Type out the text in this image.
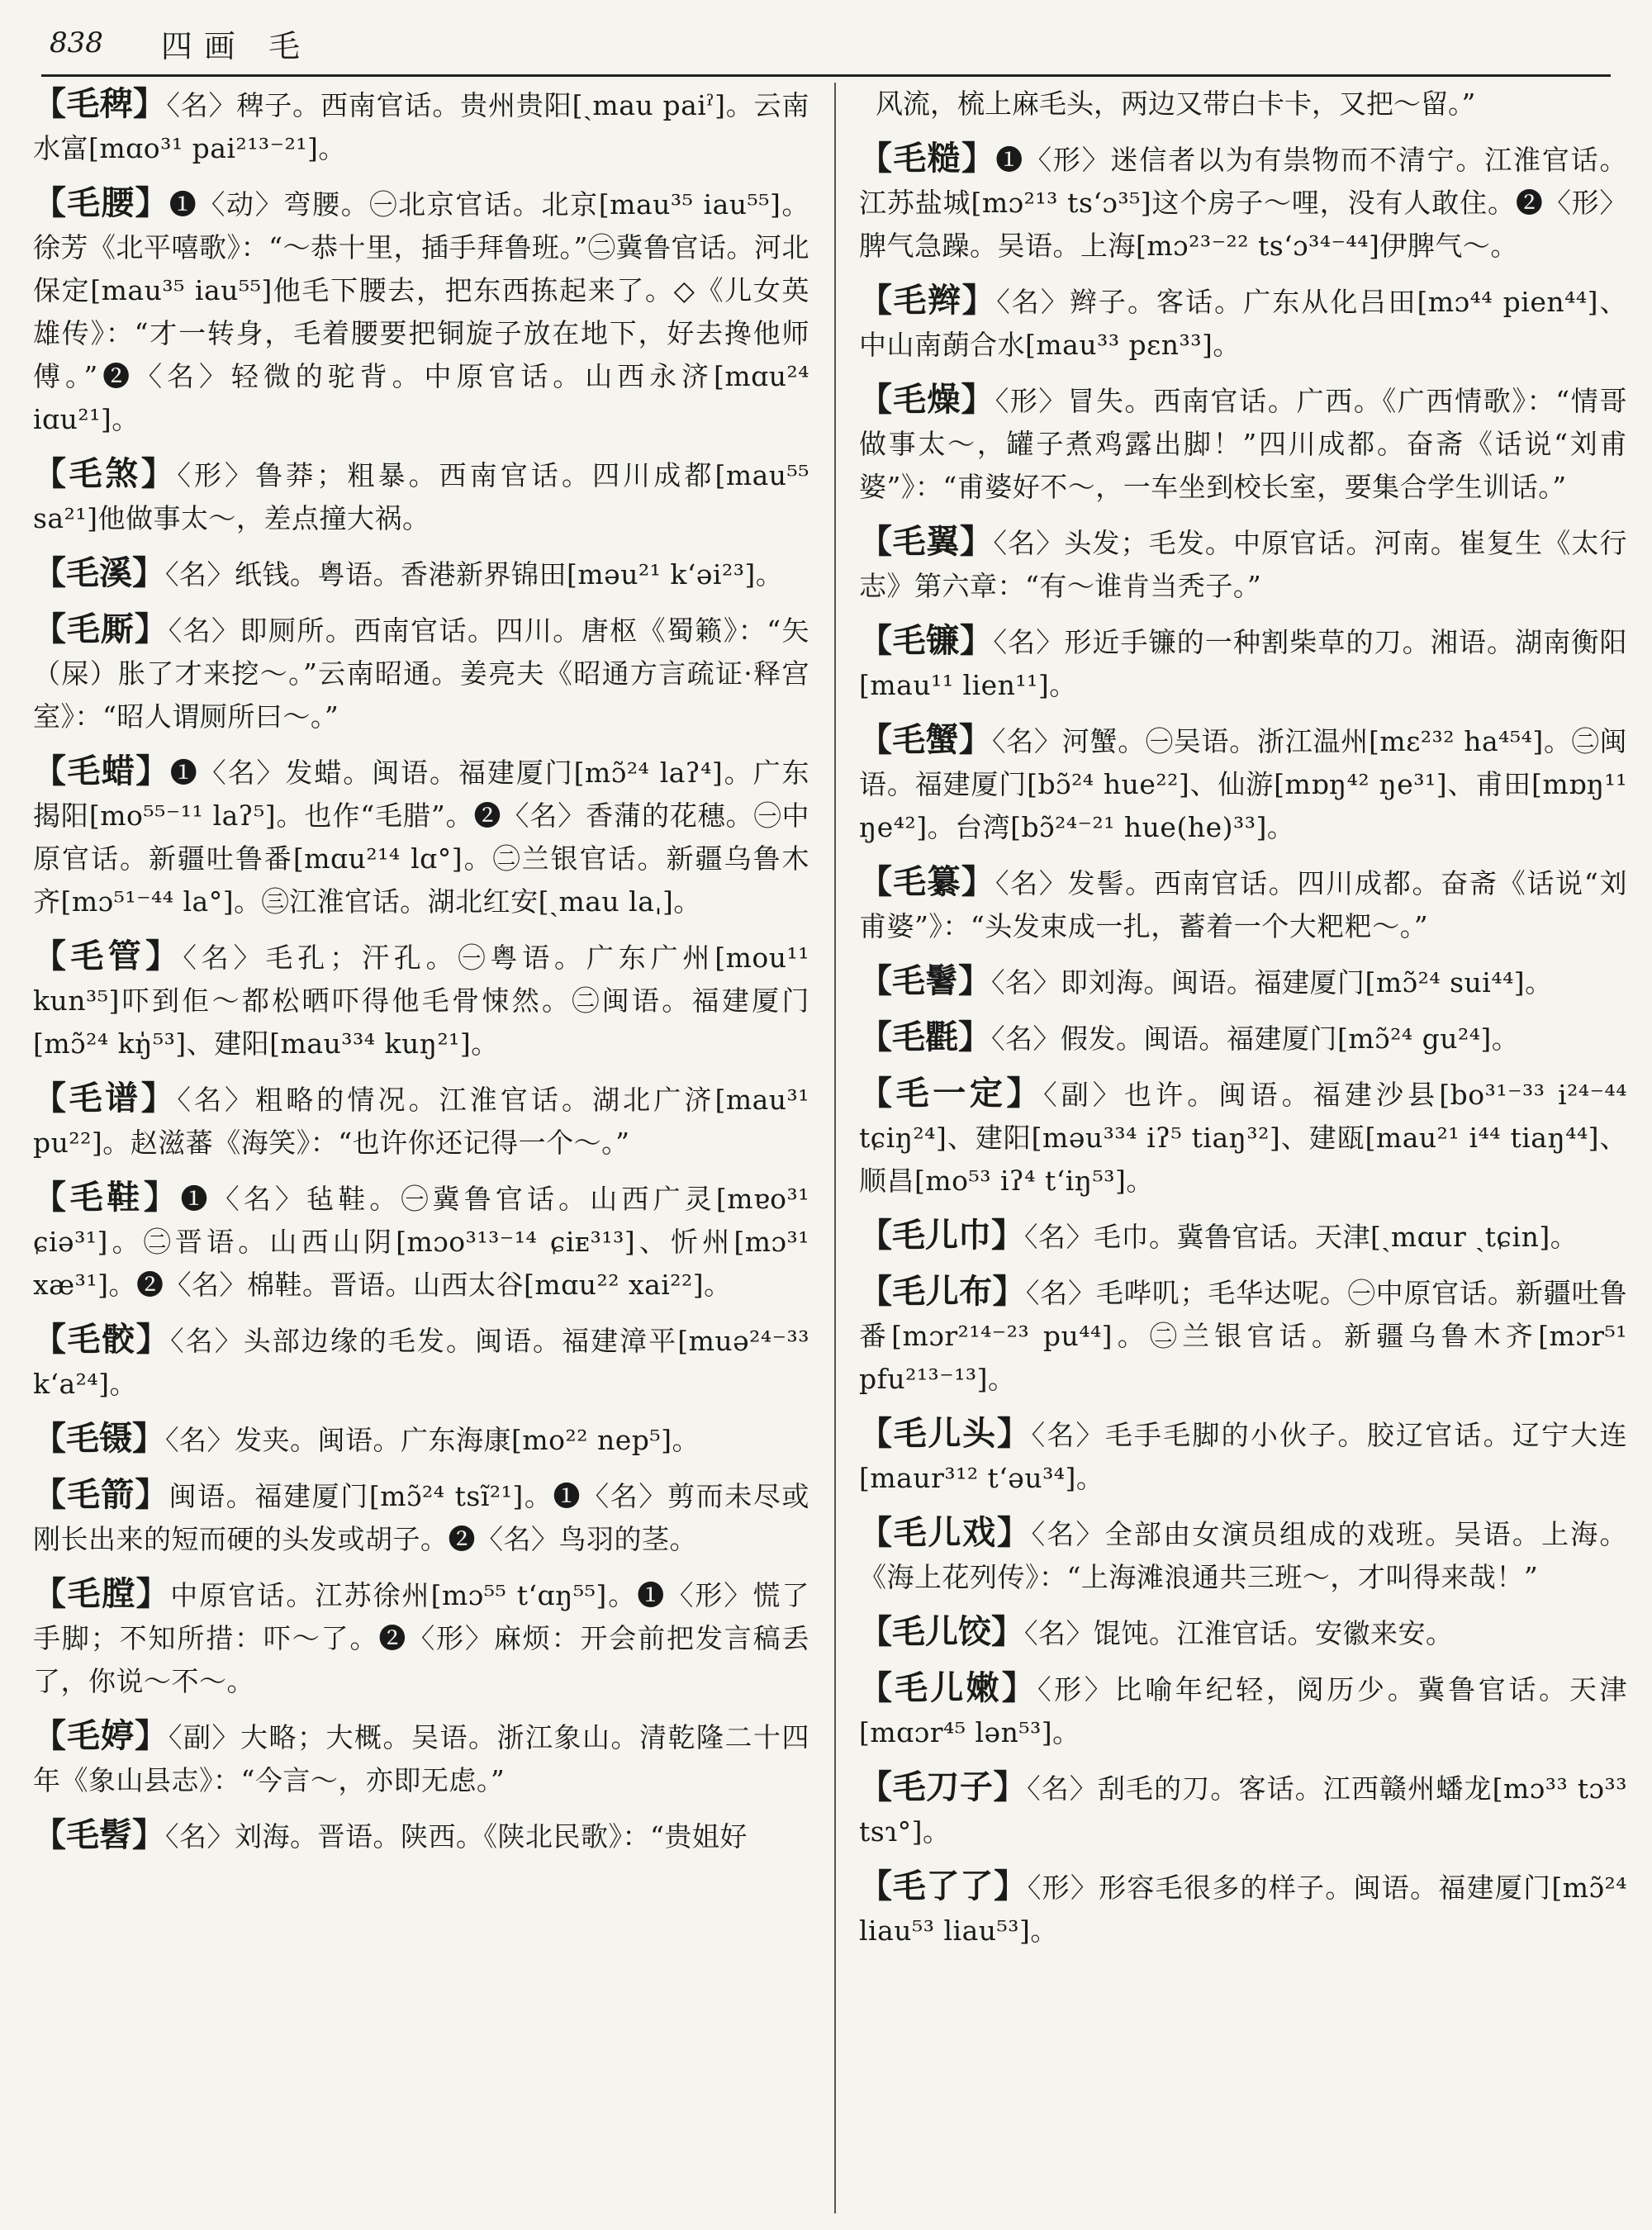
838 四画 毛
【毛稗】〈名〉稗子。西南官话。贵州贵阳[ˏmau paiˀ]。云南水富[mɑo³¹ pai²¹³⁻²¹]。
【毛腰】❶〈动〉弯腰。㊀北京官话。北京[mau³⁵ iau⁵⁵]。徐芳《北平嘻歌》：“～恭十里，插手拜鲁班。”㊁冀鲁官话。河北保定[mau³⁵ iau⁵⁵]他毛下腰去，把东西拣起来了。◇《儿女英雄传》：“才一转身，毛着腰要把铜旋子放在地下，好去搀他师傅。”❷〈名〉轻微的驼背。中原官话。山西永济[mɑu²⁴ iɑu²¹]。
【毛煞】〈形〉鲁莽；粗暴。西南官话。四川成都[mau⁵⁵ sa²¹]他做事太～，差点撞大祸。
【毛溪】〈名〉纸钱。粤语。香港新界锦田[məu²¹ kʻəi²³]。
【毛厮】〈名〉即厕所。西南官话。四川。唐枢《蜀籁》：“矢（屎）胀了才来挖～。”云南昭通。姜亮夫《昭通方言疏证·释宫室》：“昭人谓厕所曰～。”
【毛蜡】❶〈名〉发蜡。闽语。福建厦门[mɔ̃²⁴ laʔ⁴]。广东揭阳[mo⁵⁵⁻¹¹ laʔ⁵]。也作“毛腊”。❷〈名〉香蒲的花穗。㊀中原官话。新疆吐鲁番[mɑu²¹⁴ lɑ°]。㊁兰银官话。新疆乌鲁木齐[mɔ⁵¹⁻⁴⁴ la°]。㊂江淮官话。湖北红安[ˏmau laˌ]。
【毛管】〈名〉毛孔；汗孔。㊀粤语。广东广州[mou¹¹ kun³⁵]吓到佢～都松晒吓得他毛骨悚然。㊁闽语。福建厦门[mɔ̃²⁴ kŋ̍⁵³]、建阳[mau³³⁴ kuŋ²¹]。
【毛谱】〈名〉粗略的情况。江淮官话。湖北广济[mau³¹ pu²²]。赵滋蕃《海笑》：“也许你还记得一个～。”
【毛鞋】❶〈名〉毡鞋。㊀冀鲁官话。山西广灵[mɐo³¹ ɕiə³¹]。㊁晋语。山西山阴[mɔo³¹³⁻¹⁴ ɕiᴇ³¹³]、忻州[mɔ³¹ xæ³¹]。❷〈名〉棉鞋。晋语。山西太谷[mɑu²² xai²²]。
【毛骹】〈名〉头部边缘的毛发。闽语。福建漳平[muə²⁴⁻³³ kʻa²⁴]。
【毛镊】〈名〉发夹。闽语。广东海康[mo²² nep⁵]。
【毛箭】闽语。福建厦门[mɔ̃²⁴ tsĩ²¹]。❶〈名〉剪而未尽或刚长出来的短而硬的头发或胡子。❷〈名〉鸟羽的茎。
【毛膛】中原官话。江苏徐州[mɔ⁵⁵ tʻɑŋ⁵⁵]。❶〈形〉慌了手脚；不知所措：吓～了。❷〈形〉麻烦：开会前把发言稿丢了，你说～不～。
【毛婷】〈副〉大略；大概。吴语。浙江象山。清乾隆二十四年《象山县志》：“今言～，亦即无虑。”
【毛髫】〈名〉刘海。晋语。陕西。《陕北民歌》：“贵姐好
风流，梳上麻毛头，两边又带白卡卡，又把～留。”
【毛糙】❶〈形〉迷信者以为有祟物而不清宁。江淮官话。江苏盐城[mɔ²¹³ tsʻɔ³⁵]这个房子～哩，没有人敢住。❷〈形〉脾气急躁。吴语。上海[mɔ²³⁻²² tsʻɔ³⁴⁻⁴⁴]伊脾气～。
【毛辫】〈名〉辫子。客话。广东从化吕田[mɔ⁴⁴ pien⁴⁴]、中山南蓢合水[mau³³ pɛn³³]。
【毛燥】〈形〉冒失。西南官话。广西。《广西情歌》：“情哥做事太～，罐子煮鸡露出脚！”四川成都。奋斋《话说“刘甫婆”》：“甫婆好不～，一车坐到校长室，要集合学生训话。”
【毛翼】〈名〉头发；毛发。中原官话。河南。崔复生《太行志》第六章：“有～谁肯当秃子。”
【毛镰】〈名〉形近手镰的一种割柴草的刀。湘语。湖南衡阳[mau¹¹ lien¹¹]。
【毛蟹】〈名〉河蟹。㊀吴语。浙江温州[mɛ²³² ha⁴⁵⁴]。㊁闽语。福建厦门[bɔ̃²⁴ hue²²]、仙游[mɒŋ⁴² ŋe³¹]、甫田[mɒŋ¹¹ ŋe⁴²]。台湾[bɔ̃²⁴⁻²¹ hue(he)³³]。
【毛纂】〈名〉发髻。西南官话。四川成都。奋斋《话说“刘甫婆”》：“头发束成一扎，蓄着一个大粑粑～。”
【毛鬐】〈名〉即刘海。闽语。福建厦门[mɔ̃²⁴ sui⁴⁴]。
【毛氍】〈名〉假发。闽语。福建厦门[mɔ̃²⁴ gu²⁴]。
【毛一定】〈副〉也许。闽语。福建沙县[bo³¹⁻³³ i²⁴⁻⁴⁴ tɕiŋ²⁴]、建阳[məu³³⁴ iʔ⁵ tiaŋ³²]、建瓯[mau²¹ i⁴⁴ tiaŋ⁴⁴]、顺昌[mo⁵³ iʔ⁴ tʻiŋ⁵³]。
【毛儿巾】〈名〉毛巾。冀鲁官话。天津[ˏmɑur ˏtɕin]。
【毛儿布】〈名〉毛哔叽；毛华达呢。㊀中原官话。新疆吐鲁番[mɔr²¹⁴⁻²³ pu⁴⁴]。㊁兰银官话。新疆乌鲁木齐[mɔr⁵¹ pfu²¹³⁻¹³]。
【毛儿头】〈名〉毛手毛脚的小伙子。胶辽官话。辽宁大连[maur³¹² tʻəu³⁴]。
【毛儿戏】〈名〉全部由女演员组成的戏班。吴语。上海。《海上花列传》：“上海滩浪通共三班～，才叫得来哉！”
【毛儿饺】〈名〉馄饨。江淮官话。安徽来安。
【毛儿嫩】〈形〉比喻年纪轻，阅历少。冀鲁官话。天津[mɑɔr⁴⁵ lən⁵³]。
【毛刀子】〈名〉刮毛的刀。客话。江西赣州蟠龙[mɔ³³ tɔ³³ tsɿ°]。
【毛了了】〈形〉形容毛很多的样子。闽语。福建厦门[mɔ̃²⁴ liau⁵³ liau⁵³]。
